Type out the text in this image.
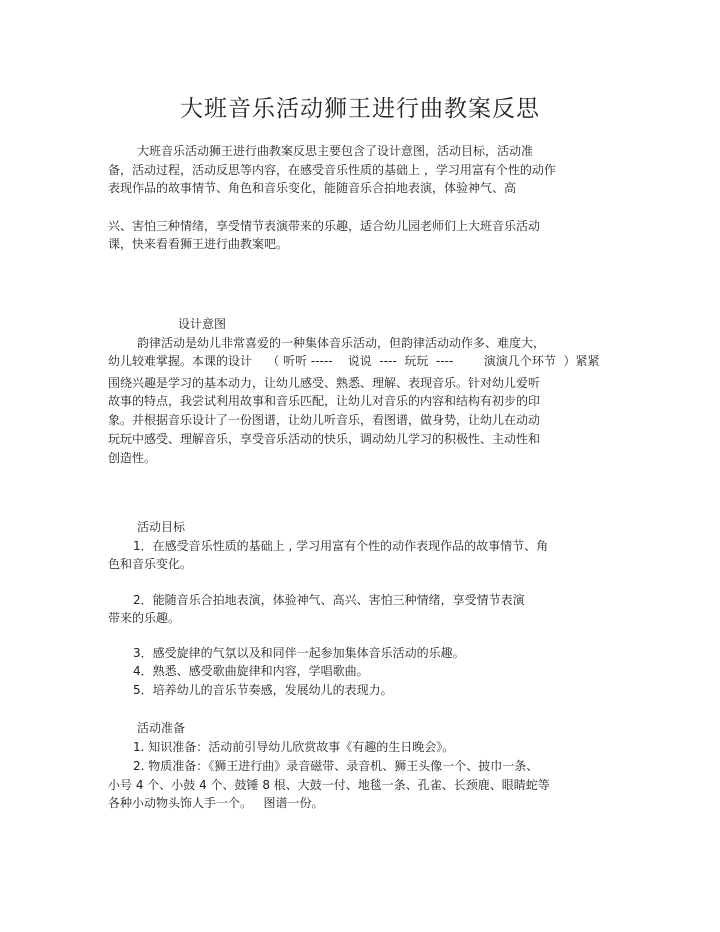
大班音乐活动狮王进行曲教案反思
大班音乐活动狮王进行曲教案反思主要包含了设计意图，活动目标，活动准
备，活动过程，活动反思等内容，在感受音乐性质的基础上 ，学习用富有个性的动作
表现作品的故事情节、角色和音乐变化，能随音乐合拍地表演，体验神气、高
兴、害怕三种情绪，享受情节表演带来的乐趣，适合幼儿园老师们上大班音乐活动
课，快来看看狮王进行曲教案吧。
设计意图
韵律活动是幼儿非常喜爱的一种集体音乐活动，但韵律活动动作多、难度大，
幼儿较难掌握。本课的设计    （ 听听 -----    说说  ----  玩玩  ----        演演几个环节  ）紧紧
围绕兴趣是学习的基本动力，让幼儿感受、熟悉、理解、表现音乐。针对幼儿爱听
故事的特点，我尝试利用故事和音乐匹配，让幼儿对音乐的内容和结构有初步的印
象。并根据音乐设计了一份图谱，让幼儿听音乐，看图谱，做身势，让幼儿在动动
玩玩中感受、理解音乐，享受音乐活动的快乐，调动幼儿学习的积极性、主动性和
创造性。
活动目标
1．在感受音乐性质的基础上 , 学习用富有个性的动作表现作品的故事情节、角
色和音乐变化。
2．能随音乐合拍地表演，体验神气、高兴、害怕三种情绪，享受情节表演
带来的乐趣。
3．感受旋律的气氛以及和同伴一起参加集体音乐活动的乐趣。
4．熟悉、感受歌曲旋律和内容，学唱歌曲。
5．培养幼儿的音乐节奏感，发展幼儿的表现力。
活动准备
1. 知识准备：活动前引导幼儿欣赏故事《有趣的生日晚会》。
2. 物质准备：《狮王进行曲》录音磁带、录音机、狮王头像一个、披巾一条、
小号 4 个、小鼓 4 个、鼓锤 8 根、大鼓一付、地毯一条、孔雀、长颈鹿、眼睛蛇等
各种小动物头饰人手一个。   图谱一份。
